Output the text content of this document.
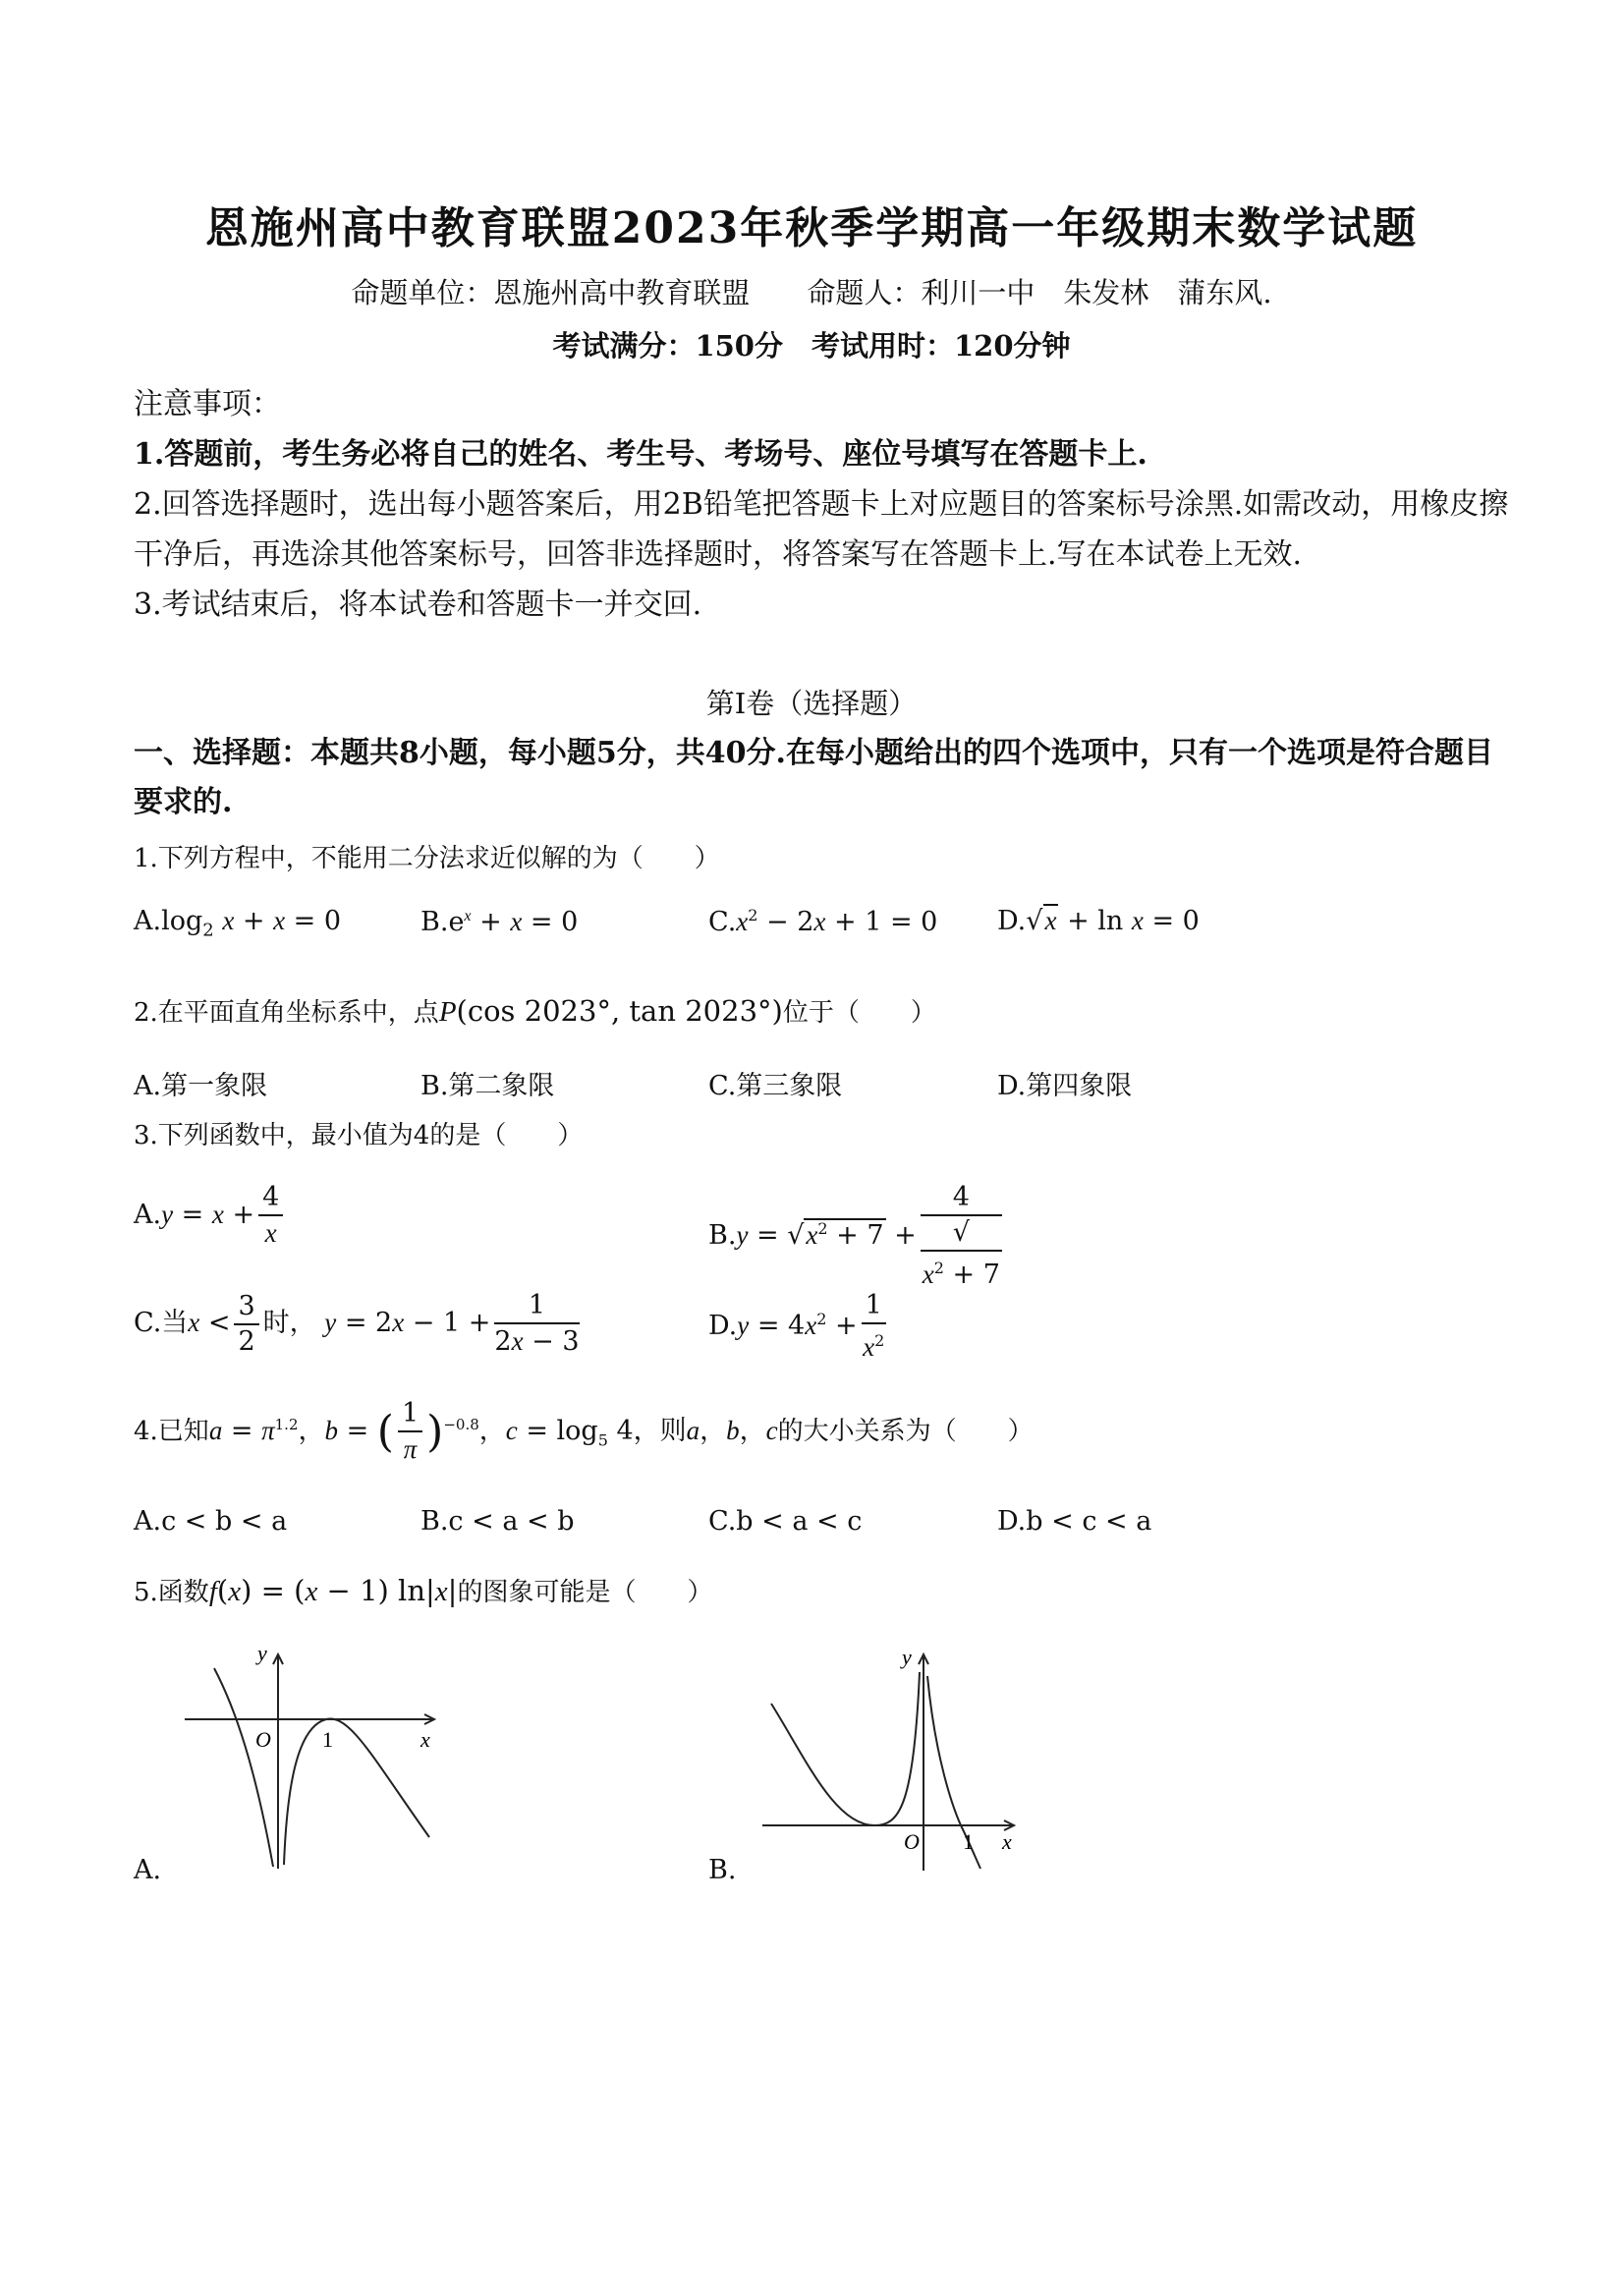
恩施州高中教育联盟2023年秋季学期高一年级期末数学试题
命题单位：恩施州高中教育联盟　　命题人：利川一中　朱发林　蒲东风.
考试满分：150分　考试用时：120分钟
注意事项：
1.答题前，考生务必将自己的姓名、考生号、考场号、座位号填写在答题卡上.
2.回答选择题时，选出每小题答案后，用2B铅笔把答题卡上对应题目的答案标号涂黑.如需改动，用橡皮擦干净后，再选涂其他答案标号，回答非选择题时，将答案写在答题卡上.写在本试卷上无效.
3.考试结束后，将本试卷和答题卡一并交回.
第Ⅰ卷（选择题）
一、选择题：本题共8小题，每小题5分，共40分.在每小题给出的四个选项中，只有一个选项是符合题目要求的.
1.下列方程中，不能用二分法求近似解的为（　　）
$A.\log_2$ x + x = 0	$B.e^x + x = 0$	$C.x^2 - 2x + 1 = 0$ D.√x + ln x = 0
2.在平面直角坐标系中，点P(cos 2023°, tan 2023°)位于（　　）
A.第一象限	B.第二象限	C.第三象限	D.第四象限
3.下列函数中，最小值为4的是（　　）
$A.y = x + \frac{4}{x}$	$B.y = √x^2 + 7 + 4$
√
$x^2 + 7$
C.当$x < \frac{3}{2}$ 时， $y = 2x - 1 + \frac{1}{2x - 3}$	$D.y = 4x^2 + \frac{1}{x^2}$
4.已知$a = \pi^{1.2}$，b = ( $\frac{1}{\pi} )^{-0.8}$，$c = \log_5 4$，则a，b，c的大小关系为（　　）
A.c < b < a	B.c < a < b	C.b < a < c	D.b < c < a
5.函数f(x) = (x − 1) ln|x|的图象可能是（　　）
y
x
O 1
A.
y
x
O 1
B.
